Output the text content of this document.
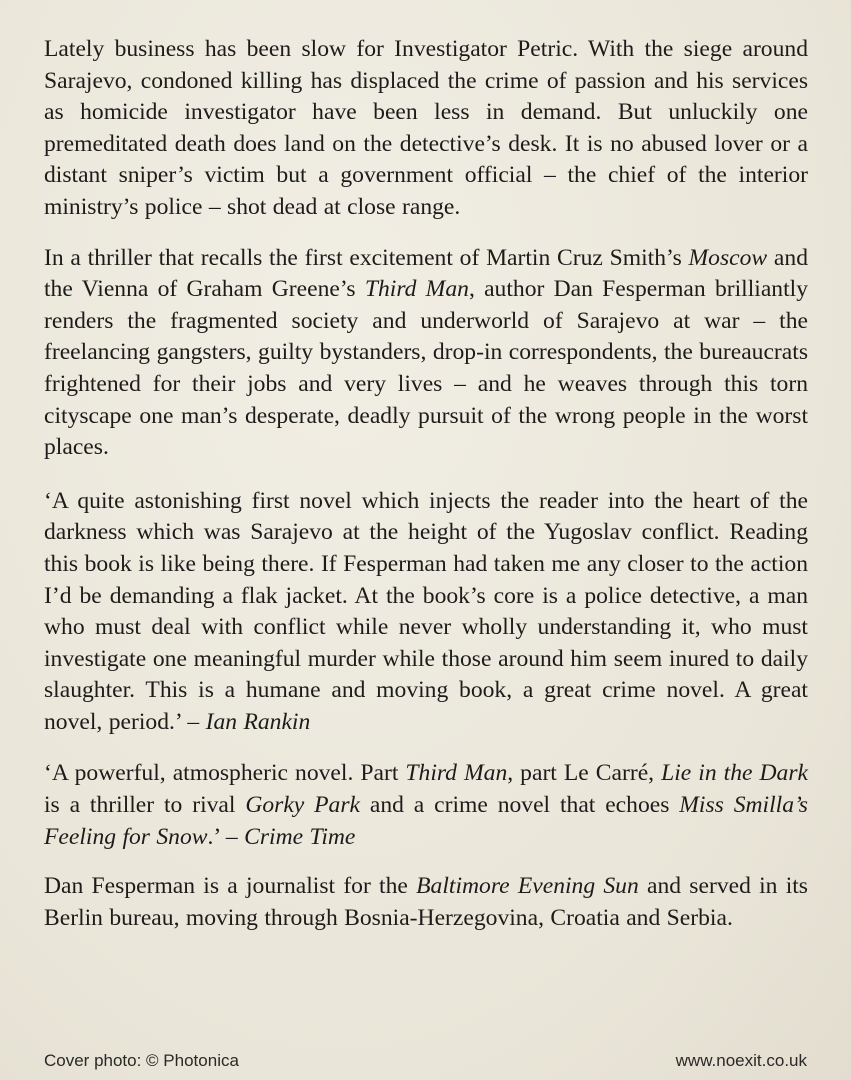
Lately business has been slow for Investigator Petric. With the siege around Sarajevo, condoned killing has displaced the crime of passion and his services as homicide investigator have been less in demand. But unluckily one premeditated death does land on the detective’s desk. It is no abused lover or a distant sniper’s victim but a government official – the chief of the interior ministry’s police – shot dead at close range.

In a thriller that recalls the first excitement of Martin Cruz Smith’s Moscow and the Vienna of Graham Greene’s Third Man, author Dan Fesperman brilliantly renders the fragmented society and underworld of Sarajevo at war – the freelancing gangsters, guilty bystanders, drop-in correspondents, the bureaucrats frightened for their jobs and very lives – and he weaves through this torn cityscape one man’s desperate, deadly pursuit of the wrong people in the worst places.

‘A quite astonishing first novel which injects the reader into the heart of the darkness which was Sarajevo at the height of the Yugoslav conflict. Reading this book is like being there. If Fesperman had taken me any closer to the action I’d be demanding a flak jacket. At the book’s core is a police detective, a man who must deal with conflict while never wholly understanding it, who must investigate one meaningful murder while those around him seem inured to daily slaughter. This is a humane and moving book, a great crime novel. A great novel, period.’ – Ian Rankin

‘A powerful, atmospheric novel. Part Third Man, part Le Carré, Lie in the Dark is a thriller to rival Gorky Park and a crime novel that echoes Miss Smilla’s Feeling for Snow.’ – Crime Time

Dan Fesperman is a journalist for the Baltimore Evening Sun and served in its Berlin bureau, moving through Bosnia-Herzegovina, Croatia and Serbia.

Cover photo: © Photonica	www.noexit.co.uk
